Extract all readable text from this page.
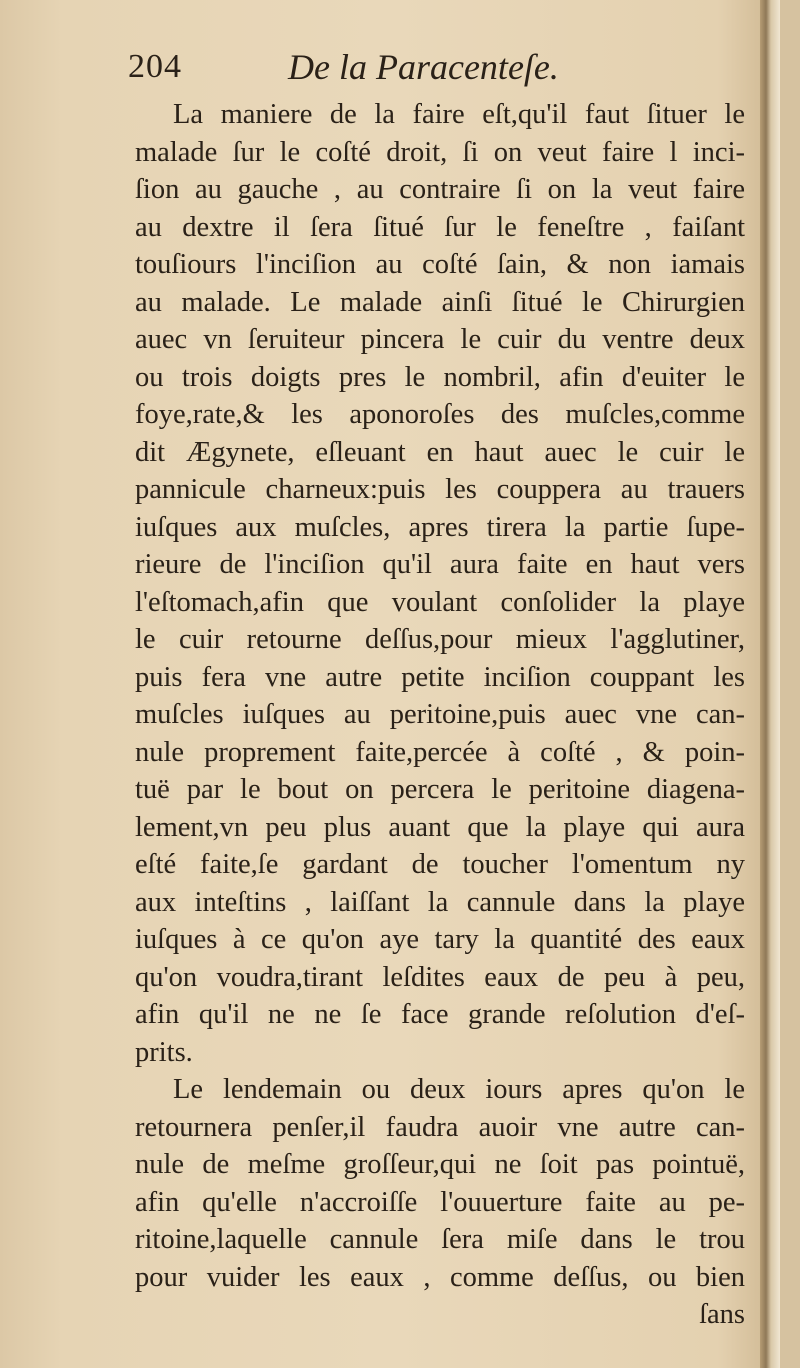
204	De la Paracenteſe.
La maniere de la faire eſt,qu'il faut ſituer le
malade ſur le coſté droit, ſi on veut faire l inci-
ſion au gauche , au contraire ſi on la veut faire
au dextre il ſera ſitué ſur le feneſtre , faiſant
touſiours l'inciſion au coſté ſain, & non iamais
au malade. Le malade ainſi ſitué le Chirurgien
auec vn ſeruiteur pincera le cuir du ventre deux
ou trois doigts pres le nombril, afin d'euiter le
foye,rate,& les aponoroſes des muſcles,comme
dit Ægynete, eſleuant en haut auec le cuir le
pannicule charneux:puis les couppera au trauers
iuſques aux muſcles, apres tirera la partie ſupe-
rieure de l'inciſion qu'il aura faite en haut vers
l'eſtomach,afin que voulant conſolider la playe
le cuir retourne deſſus,pour mieux l'agglutiner,
puis fera vne autre petite inciſion couppant les
muſcles iuſques au peritoine,puis auec vne can-
nule proprement faite,percée à coſté , & poin-
tuë par le bout on percera le peritoine diagena-
lement,vn peu plus auant que la playe qui aura
eſté faite,ſe gardant de toucher l'omentum ny
aux inteſtins , laiſſant la cannule dans la playe
iuſques à ce qu'on aye tary la quantité des eaux
qu'on voudra,tirant leſdites eaux de peu à peu,
afin qu'il ne ne ſe face grande reſolution d'eſ-
prits.
Le lendemain ou deux iours apres qu'on le
retournera penſer,il faudra auoir vne autre can-
nule de meſme groſſeur,qui ne ſoit pas pointuë,
afin qu'elle n'accroiſſe l'ouuerture faite au pe-
ritoine,laquelle cannule ſera miſe dans le trou
pour vuider les eaux , comme deſſus, ou bien
ſans
